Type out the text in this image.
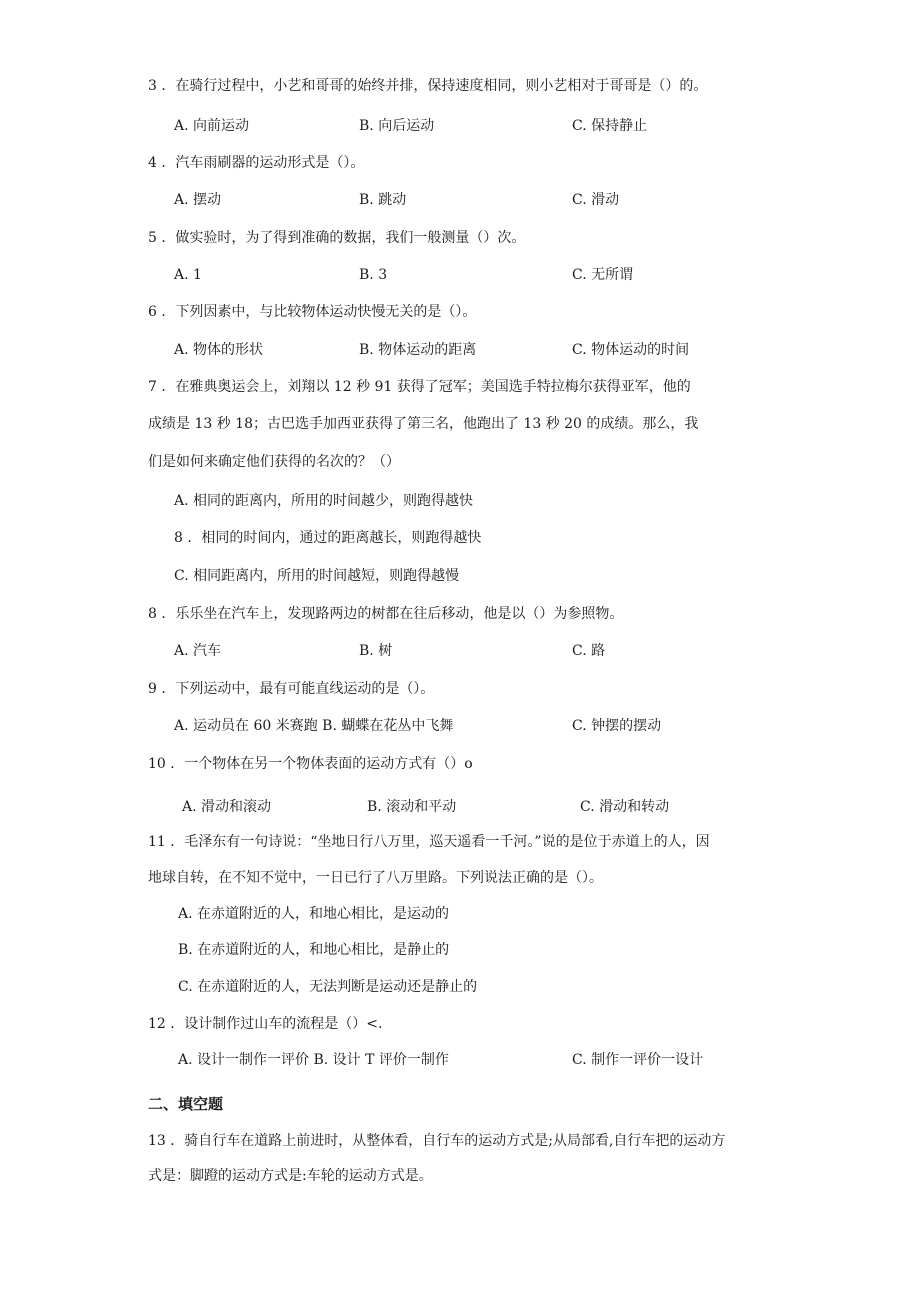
3 ．在骑行过程中，小艺和哥哥的始终并排，保持速度相同，则小艺相对于哥哥是（）的。
A. 向前运动	B. 向后运动	C. 保持静止
4 ．汽车雨刷器的运动形式是（）。
A. 摆动	B. 跳动	C. 滑动
5 ．做实验时，为了得到准确的数据，我们一般测量（）次。
A. 1	B. 3	C. 无所谓
6 ．下列因素中，与比较物体运动快慢无关的是（）。
A. 物体的形状	B. 物体运动的距离	C. 物体运动的时间
7 ．在雅典奥运会上，刘翔以 12 秒 91 获得了冠军；美国选手特拉梅尔获得亚军，他的
成绩是 13 秒 18；古巴选手加西亚获得了第三名，他跑出了 13 秒 20 的成绩。那么，我
们是如何来确定他们获得的名次的？（）
A. 相同的距离内，所用的时间越少，则跑得越快
8 ．相同的时间内，通过的距离越长，则跑得越快
C. 相同距离内，所用的时间越短，则跑得越慢
8 ．乐乐坐在汽车上，发现路两边的树都在往后移动，他是以（）为参照物。
A. 汽车	B. 树	C. 路
9 ．下列运动中，最有可能直线运动的是（）。
A. 运动员在 60 米赛跑 B. 蝴蝶在花丛中飞舞	C. 钟摆的摆动
10 ．一个物体在另一个物体表面的运动方式有（）o
A. 滑动和滚动	B. 滚动和平动	C. 滑动和转动
11 ．毛泽东有一句诗说：“坐地日行八万里，巡天遥看一千河。”说的是位于赤道上的人，因
地球自转，在不知不觉中，一日已行了八万里路。下列说法正确的是（）。
A. 在赤道附近的人，和地心相比，是运动的
B. 在赤道附近的人，和地心相比，是静止的
C. 在赤道附近的人，无法判断是运动还是静止的
12 ．设计制作过山车的流程是（）<.
A. 设计一制作一评价 B. 设计 T 评价一制作	C. 制作一评价一设计
二、填空题
13 ．骑自行车在道路上前进时，从整体看，自行车的运动方式是;从局部看,自行车把的运动方
式是：脚蹬的运动方式是:车轮的运动方式是。
